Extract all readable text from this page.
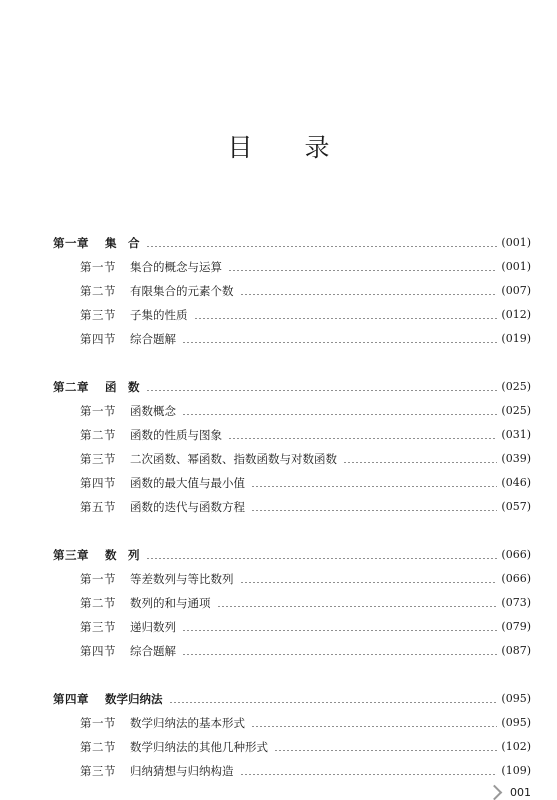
目 录
第一章	集　合	(001)
第一节	集合的概念与运算	(001)
第二节	有限集合的元素个数	(007)
第三节	子集的性质	(012)
第四节	综合题解	(019)
第二章	函　数	(025)
第一节	函数概念	(025)
第二节	函数的性质与图象	(031)
第三节	二次函数、幂函数、指数函数与对数函数	(039)
第四节	函数的最大值与最小值	(046)
第五节	函数的迭代与函数方程	(057)
第三章	数　列	(066)
第一节	等差数列与等比数列	(066)
第二节	数列的和与通项	(073)
第三节	递归数列	(079)
第四节	综合题解	(087)
第四章	数学归纳法	(095)
第一节	数学归纳法的基本形式	(095)
第二节	数学归纳法的其他几种形式	(102)
第三节	归纳猜想与归纳构造	(109)
001
